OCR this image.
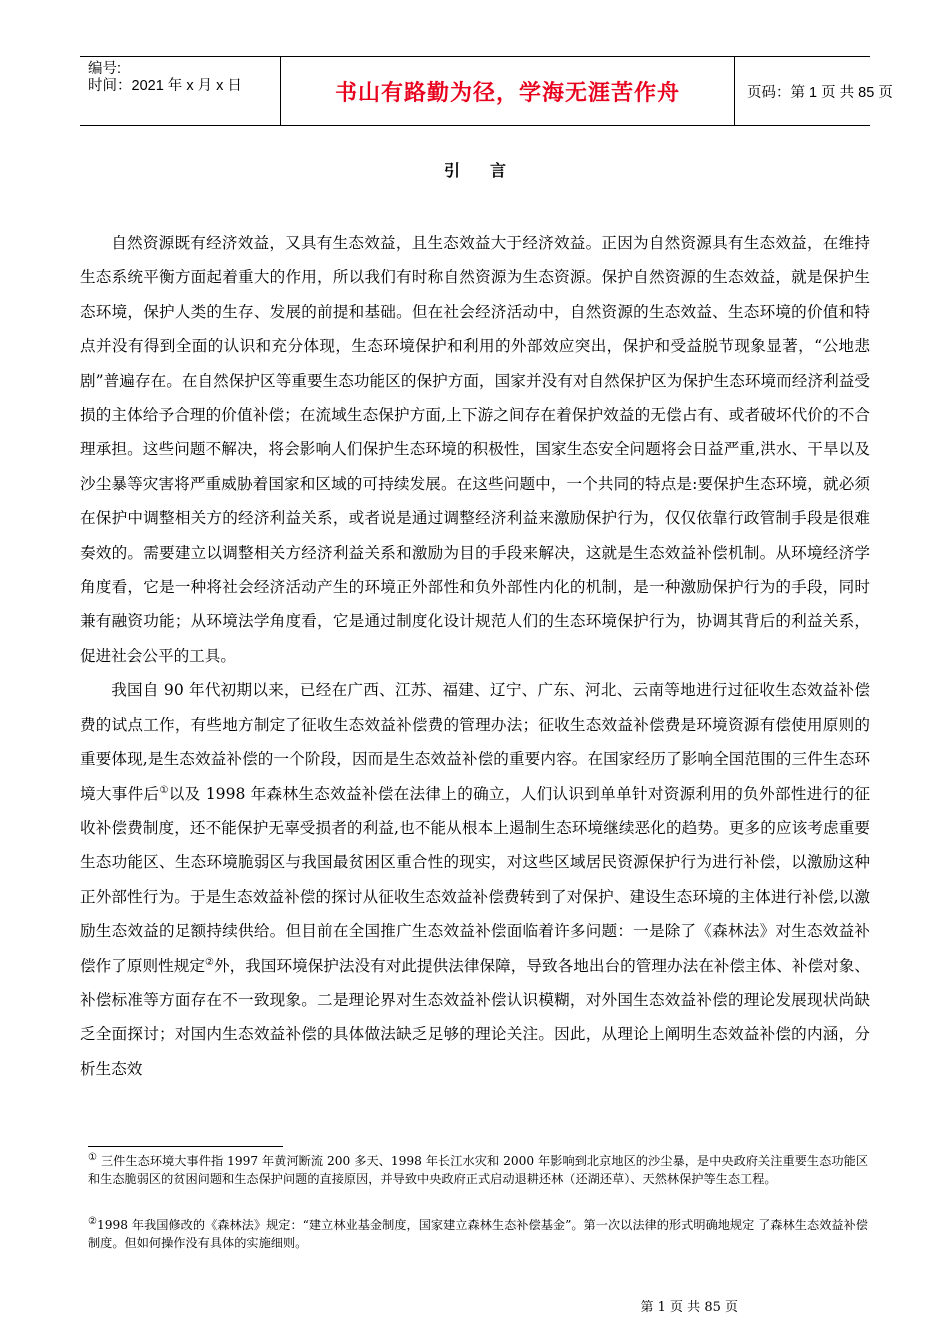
编号:
时间：2021 年 x 月 x 日	书山有路勤为径，学海无涯苦作舟	页码：第 1 页 共 85 页
引言

自然资源既有经济效益，又具有生态效益，且生态效益大于经济效益。正因为自然资源具有生态效益，在维持生态系统平衡方面起着重大的作用，所以我们有时称自然资源为生态资源。保护自然资源的生态效益，就是保护生态环境，保护人类的生存、发展的前提和基础。但在社会经济活动中，自然资源的生态效益、生态环境的价值和特点并没有得到全面的认识和充分体现，生态环境保护和利用的外部效应突出，保护和受益脱节现象显著，“公地悲剧”普遍存在。在自然保护区等重要生态功能区的保护方面，国家并没有对自然保护区为保护生态环境而经济利益受损的主体给予合理的价值补偿；在流域生态保护方面,上下游之间存在着保护效益的无偿占有、或者破坏代价的不合理承担。这些问题不解决，将会影响人们保护生态环境的积极性，国家生态安全问题将会日益严重,洪水、干旱以及沙尘暴等灾害将严重威胁着国家和区域的可持续发展。在这些问题中，一个共同的特点是:要保护生态环境，就必须在保护中调整相关方的经济利益关系，或者说是通过调整经济利益来激励保护行为，仅仅依靠行政管制手段是很难奏效的。需要建立以调整相关方经济利益关系和激励为目的手段来解决，这就是生态效益补偿机制。从环境经济学角度看，它是一种将社会经济活动产生的环境正外部性和负外部性内化的机制，是一种激励保护行为的手段，同时兼有融资功能；从环境法学角度看，它是通过制度化设计规范人们的生态环境保护行为，协调其背后的利益关系，促进社会公平的工具。

我国自 90 年代初期以来，已经在广西、江苏、福建、辽宁、广东、河北、云南等地进行过征收生态效益补偿费的试点工作，有些地方制定了征收生态效益补偿费的管理办法；征收生态效益补偿费是环境资源有偿使用原则的重要体现,是生态效益补偿的一个阶段，因而是生态效益补偿的重要内容。在国家经历了影响全国范围的三件生态环境大事件后①以及 1998 年森林生态效益补偿在法律上的确立，人们认识到单单针对资源利用的负外部性进行的征收补偿费制度，还不能保护无辜受损者的利益,也不能从根本上遏制生态环境继续恶化的趋势。更多的应该考虑重要生态功能区、生态环境脆弱区与我国最贫困区重合性的现实，对这些区域居民资源保护行为进行补偿，以激励这种正外部性行为。于是生态效益补偿的探讨从征收生态效益补偿费转到了对保护、建设生态环境的主体进行补偿,以激励生态效益的足额持续供给。但目前在全国推广生态效益补偿面临着许多问题：一是除了《森林法》对生态效益补偿作了原则性规定②外，我国环境保护法没有对此提供法律保障，导致各地出台的管理办法在补偿主体、补偿对象、补偿标准等方面存在不一致现象。二是理论界对生态效益补偿认识模糊，对外国生态效益补偿的理论发展现状尚缺乏全面探讨；对国内生态效益补偿的具体做法缺乏足够的理论关注。因此，从理论上阐明生态效益补偿的内涵，分析生态效

① 三件生态环境大事件指 1997 年黄河断流 200 多天、1998 年长江水灾和 2000 年影响到北京地区的沙尘暴，是中央政府关注重要生态功能区和生态脆弱区的贫困问题和生态保护问题的直接原因，并导致中央政府正式启动退耕还林（还湖还草）、天然林保护等生态工程。
②1998 年我国修改的《森林法》规定：“建立林业基金制度，国家建立森林生态补偿基金”。第一次以法律的形式明确地规定 了森林生态效益补偿制度。但如何操作没有具体的实施细则。
第 1 页 共 85 页
